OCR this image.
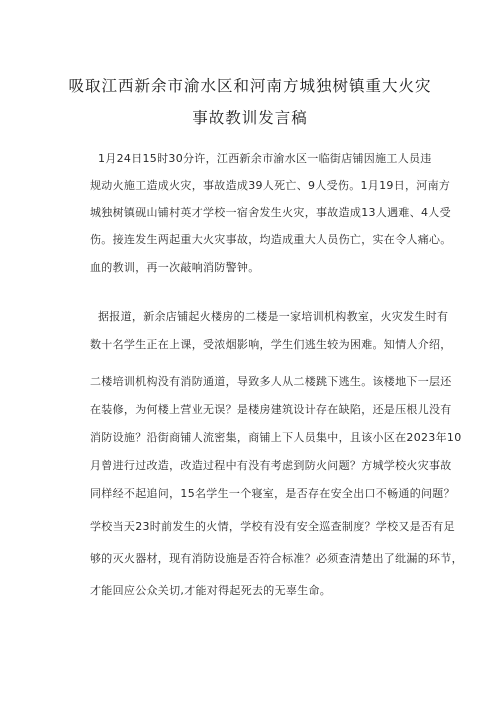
吸取江西新余市渝水区和河南方城独树镇重大火灾
事故教训发言稿
1月24日15时30分许，江西新余市渝水区一临街店铺因施工人员违
规动火施工造成火灾，事故造成39人死亡、9人受伤。1月19日，河南方
城独树镇砚山铺村英才学校一宿舍发生火灾，事故造成13人遇难、4人受
伤。接连发生两起重大火灾事故，均造成重大人员伤亡，实在令人痛心。
血的教训，再一次敲响消防警钟。
据报道，新余店铺起火楼房的二楼是一家培训机构教室，火灾发生时有
数十名学生正在上课，受浓烟影响，学生们逃生较为困难。知情人介绍，
二楼培训机构没有消防通道，导致多人从二楼跳下逃生。该楼地下一层还
在装修，为何楼上营业无误？是楼房建筑设计存在缺陷，还是压根儿没有
消防设施？沿街商铺人流密集，商铺上下人员集中，且该小区在2023年10
月曾进行过改造，改造过程中有没有考虑到防火问题？方城学校火灾事故
同样经不起追问，15名学生一个寝室，是否存在安全出口不畅通的问题？
学校当天23时前发生的火情，学校有没有安全巡查制度？学校又是否有足
够的灭火器材，现有消防设施是否符合标准？必须查清楚出了纰漏的环节，
才能回应公众关切,才能对得起死去的无辜生命。
